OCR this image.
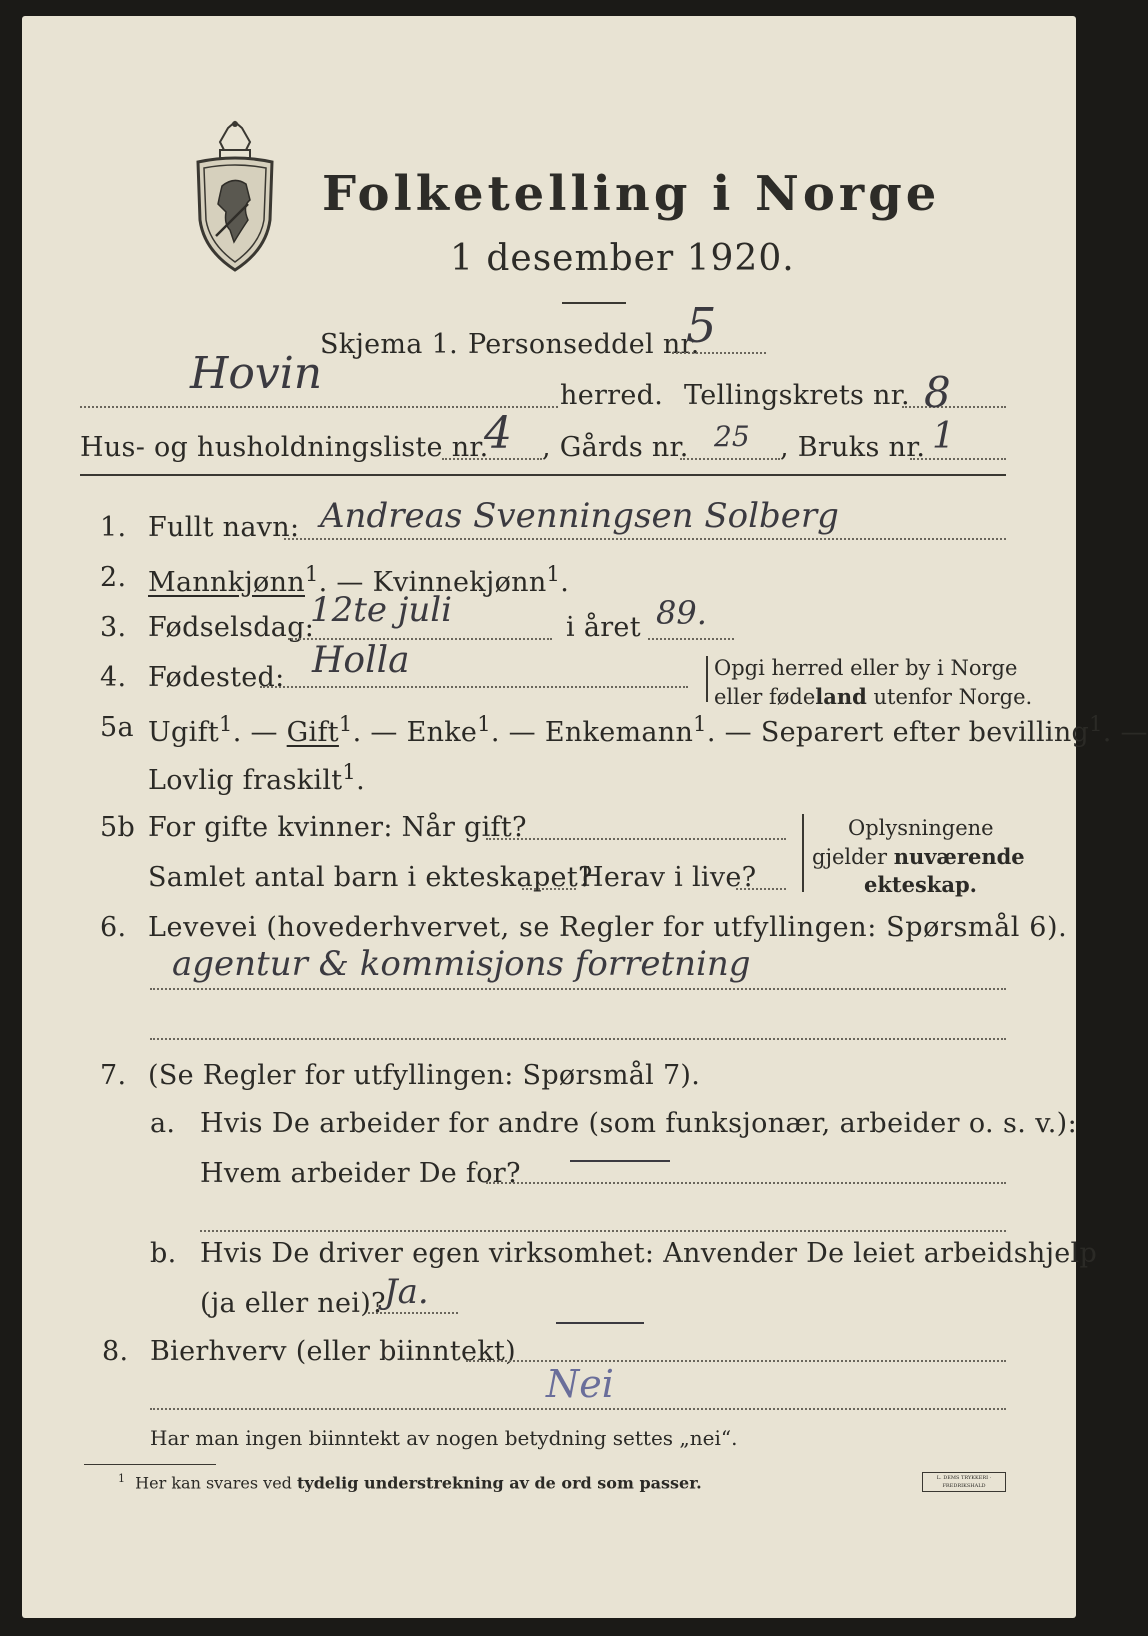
Folketelling i Norge
1 desember 1920.
Skjema 1. Personseddel nr.
5
Hovin	herred. Tellingskrets nr. 8
Hus- og husholdningsliste nr.
4 , Gårds nr. 25 , Bruks nr. 1
1. Fullt navn: Andreas Svenningsen Solberg
2. Mannkjønn$^1$. — Kvinnekjønn$^1$.
3. Fødselsdag:
12te juli	i året 89.
4. Fødested: Holla	Opgi herred eller by i Norge
eller fødeland utenfor Norge.
5a Ugift$^1$. — Gift$^1$. — Enke$^1$. — Enkemann$^1$. — Separert efter bevilling$^1$. —
Lovlig fraskilt$^1$.
5b For gifte kvinner: Når gift?
Samlet antal barn i ekteskapet?
Herav i live?
Oplysningene
gjelder nuværende
ekteskap.
6. Levevei (hovederhvervet, se Regler for utfyllingen: Spørsmål 6).
agentur & kommisjons forretning
7. (Se Regler for utfyllingen: Spørsmål 7).
a. Hvis De arbeider for andre (som funksjonær, arbeider o. s. v.):
Hvem arbeider De for?
b. Hvis De driver egen virksomhet: Anvender De leiet arbeidshjelp
(ja eller nei)?
Ja.
8. Bierhverv (eller biinntekt)
Nei
Har man ingen biinntekt av nogen betydning settes „nei“.
$^1$ Her kan svares ved tydelig understrekning av de ord som passer.	L. DEMS TRYKKERI · FREDRIKSHALD
